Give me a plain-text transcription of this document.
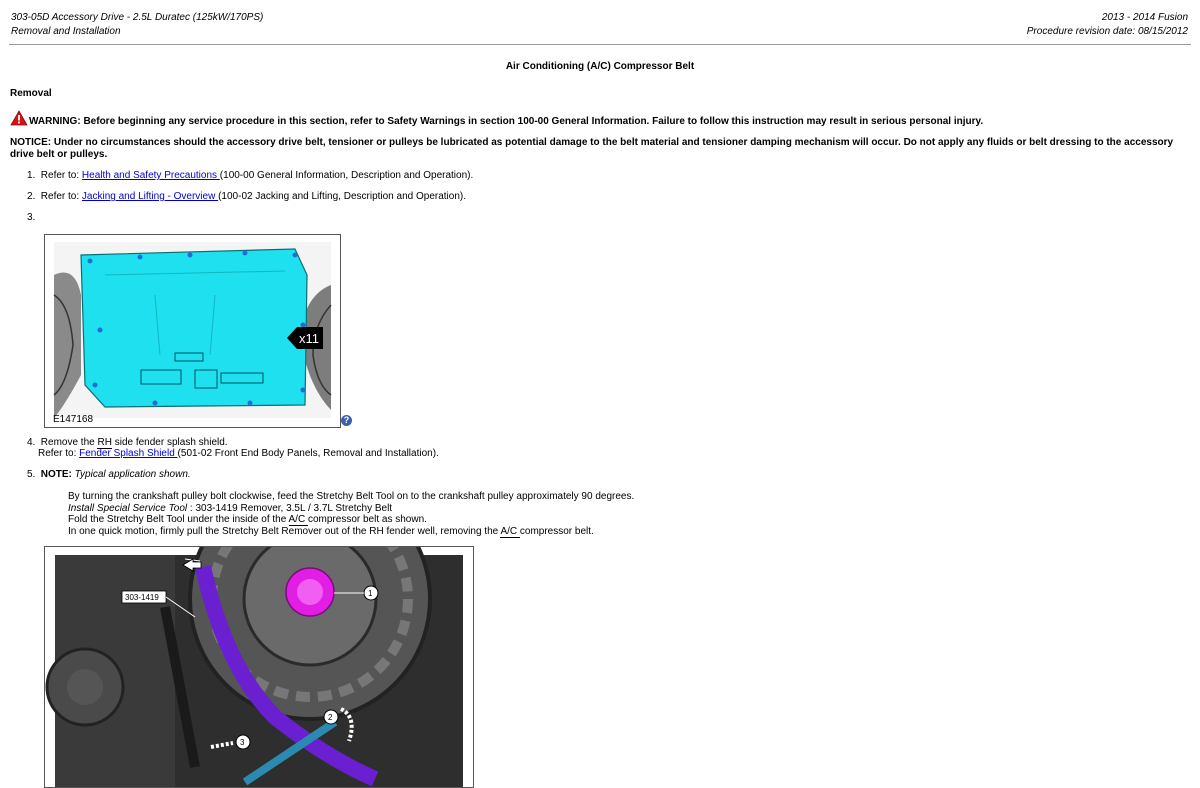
303-05D Accessory Drive - 2.5L Duratec (125kW/170PS)
Removal and Installation
2013 - 2014 Fusion
Procedure revision date: 08/15/2012
Air Conditioning (A/C) Compressor Belt
Removal
WARNING: Before beginning any service procedure in this section, refer to Safety Warnings in section 100-00 General Information. Failure to follow this instruction may result in serious personal injury.
NOTICE: Under no circumstances should the accessory drive belt, tensioner or pulleys be lubricated as potential damage to the belt material and tensioner damping mechanism will occur. Do not apply any fluids or belt dressing to the accessory drive belt or pulleys.
1. Refer to: Health and Safety Precautions (100-00 General Information, Description and Operation).
2. Refer to: Jacking and Lifting - Overview (100-02 Jacking and Lifting, Description and Operation).
3.
x11
E147168	?
4. Remove the RH side fender splash shield.
Refer to: Fender Splash Shield (501-02 Front End Body Panels, Removal and Installation).
5. NOTE: Typical application shown.
By turning the crankshaft pulley bolt clockwise, feed the Stretchy Belt Tool on to the crankshaft pulley approximately 90 degrees.
Install Special Service Tool : 303-1419 Remover, 3.5L / 3.7L Stretchy Belt
Fold the Stretchy Belt Tool under the inside of the A/C compressor belt as shown.
In one quick motion, firmly pull the Stretchy Belt Remover out of the RH fender well, removing the A/C compressor belt.
303-1419	1
2
3
